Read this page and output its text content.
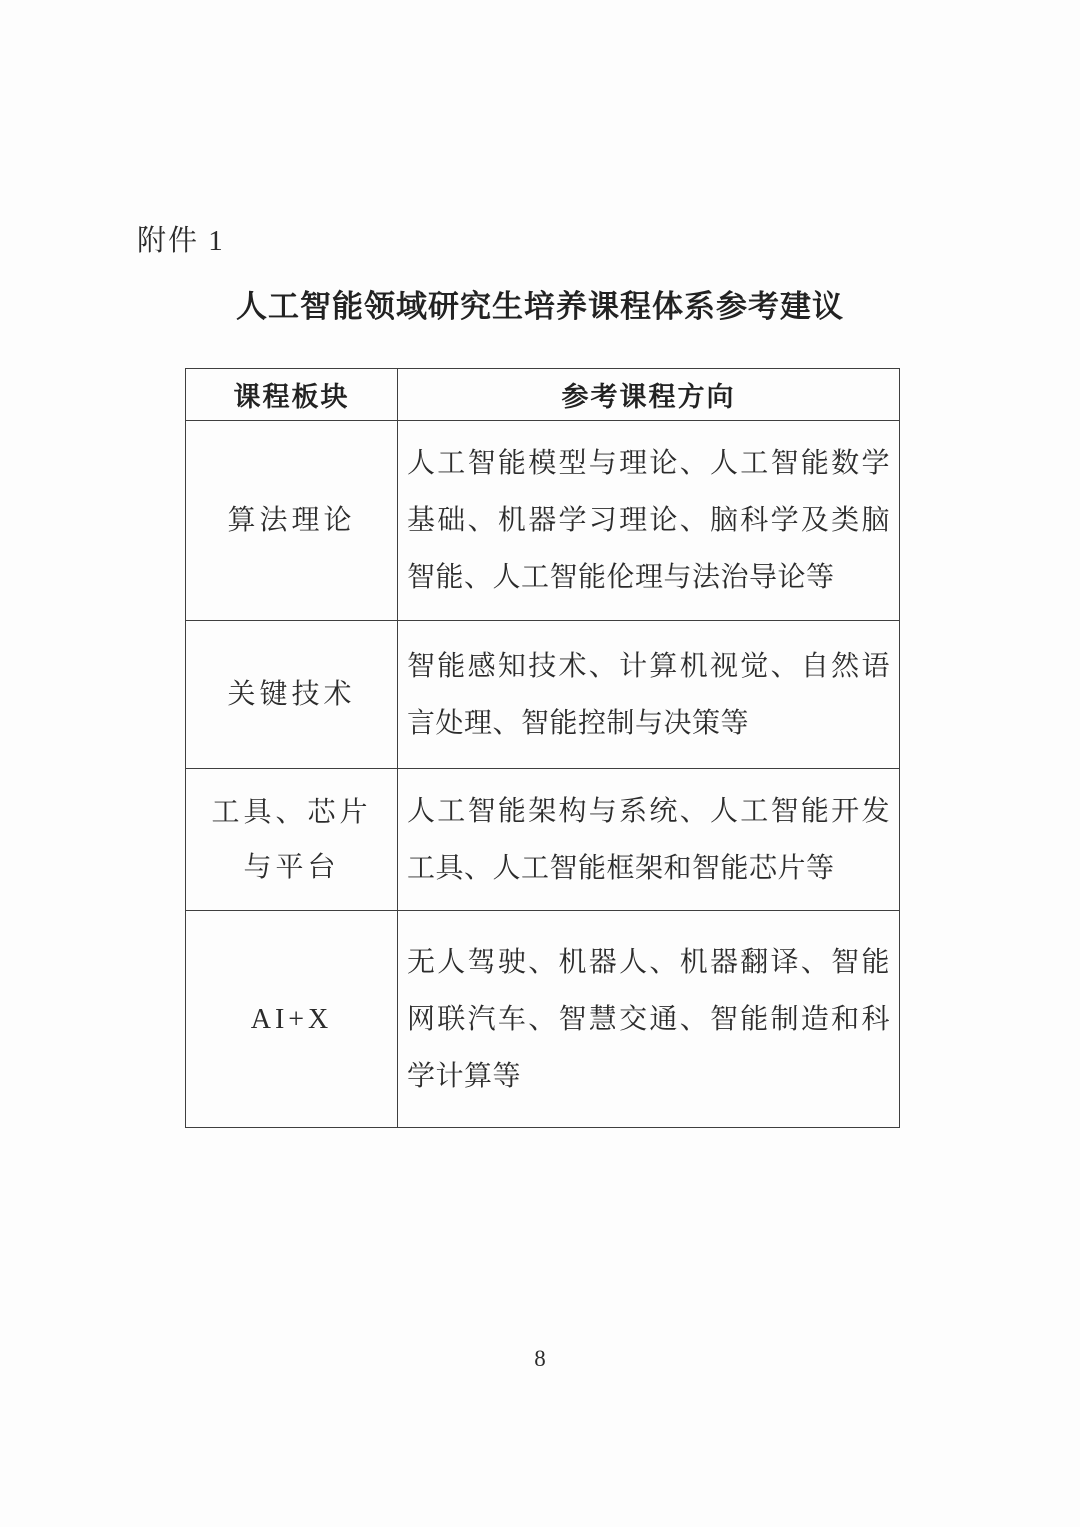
附件 1
人工智能领域研究生培养课程体系参考建议
课程板块	参考课程方向
算法理论	人工智能模型与理论、人工智能数学基础、机器学习理论、脑科学及类脑智能、人工智能伦理与法治导论等
关键技术	智能感知技术、计算机视觉、自然语言处理、智能控制与决策等
工具、芯片与平台	人工智能架构与系统、人工智能开发工具、人工智能框架和智能芯片等
AI+X	无人驾驶、机器人、机器翻译、智能网联汽车、智慧交通、智能制造和科学计算等
8
